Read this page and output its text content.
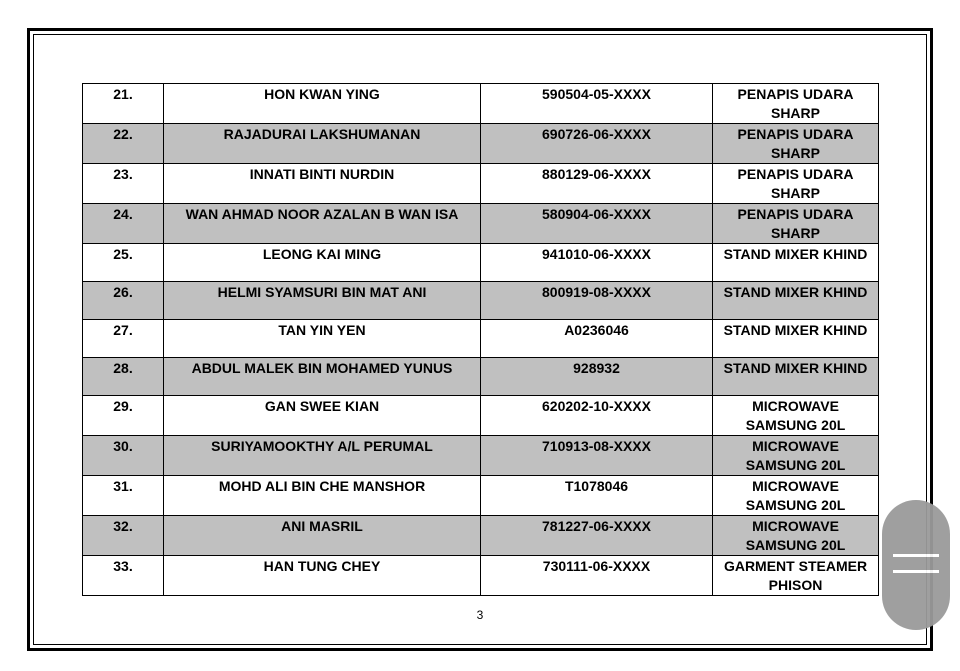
21.	HON KWAN YING	590504-05-XXXX	PENAPIS UDARA SHARP
22.	RAJADURAI LAKSHUMANAN	690726-06-XXXX	PENAPIS UDARA SHARP
23.	INNATI BINTI NURDIN	880129-06-XXXX	PENAPIS UDARA SHARP
24.	WAN AHMAD NOOR AZALAN B WAN ISA	580904-06-XXXX	PENAPIS UDARA SHARP
25.	LEONG KAI MING	941010-06-XXXX	STAND MIXER KHIND
26.	HELMI SYAMSURI BIN MAT ANI	800919-08-XXXX	STAND MIXER KHIND
27.	TAN YIN YEN	A0236046	STAND MIXER KHIND
28.	ABDUL MALEK BIN MOHAMED YUNUS	928932	STAND MIXER KHIND
29.	GAN SWEE KIAN	620202-10-XXXX	MICROWAVE SAMSUNG 20L
30.	SURIYAMOOKTHY A/L PERUMAL	710913-08-XXXX	MICROWAVE SAMSUNG 20L
31.	MOHD ALI BIN CHE MANSHOR	T1078046	MICROWAVE SAMSUNG 20L
32.	ANI MASRIL	781227-06-XXXX	MICROWAVE SAMSUNG 20L
33.	HAN TUNG CHEY	730111-06-XXXX	GARMENT STEAMER PHISON
3
